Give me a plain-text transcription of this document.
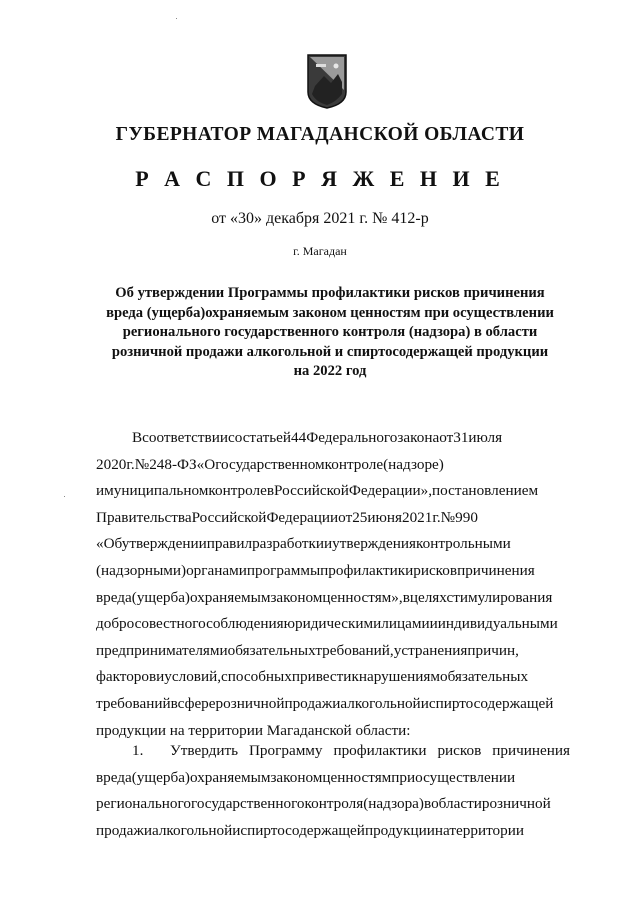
ГУБЕРНАТОР МАГАДАНСКОЙ ОБЛАСТИ
Р А С П О Р Я Ж Е Н И Е
от «30» декабря 2021 г. № 412-р
г. Магадан
Об утверждении Программы профилактики рисков причинения
вреда (ущерба)охраняемым законом ценностям при осуществлении
регионального государственного контроля (надзора) в области
розничной продажи алкогольной и спиртосодержащей продукции
на 2022 год
Всоответствиисостатьей44Федеральногозаконаот31июля
2020г.№248-ФЗ«Огосударственномконтроле(надзоре)
имуниципальномконтролевРоссийскойФедерации»,постановлением
ПравительстваРоссийскойФедерацииот25июня2021г.№990
«Обутвержденииправилразработкииутвержденияконтрольными
(надзорными)органамипрограммыпрофилактикирисковпричинения
вреда(ущерба)охраняемымзакономценностям»,вцеляхстимулирования
добросовестногособлюденияюридическимилицамиииндивидуальными
предпринимателямиобязательныхтребований,устраненияпричин,
факторовиусловий,способныхпривестикнарушениямобязательных
требованийвсферерозничнойпродажиалкогольнойиспиртосодержащей
продукции на территории Магаданской области:
1.	Утвердить Программу профилактики рисков причинения
вреда(ущерба)охраняемымзакономценностямприосуществлении
региональногогосударственногоконтроля(надзора)вобластирозничной
продажиалкогольнойиспиртосодержащейпродукциинатерритории
